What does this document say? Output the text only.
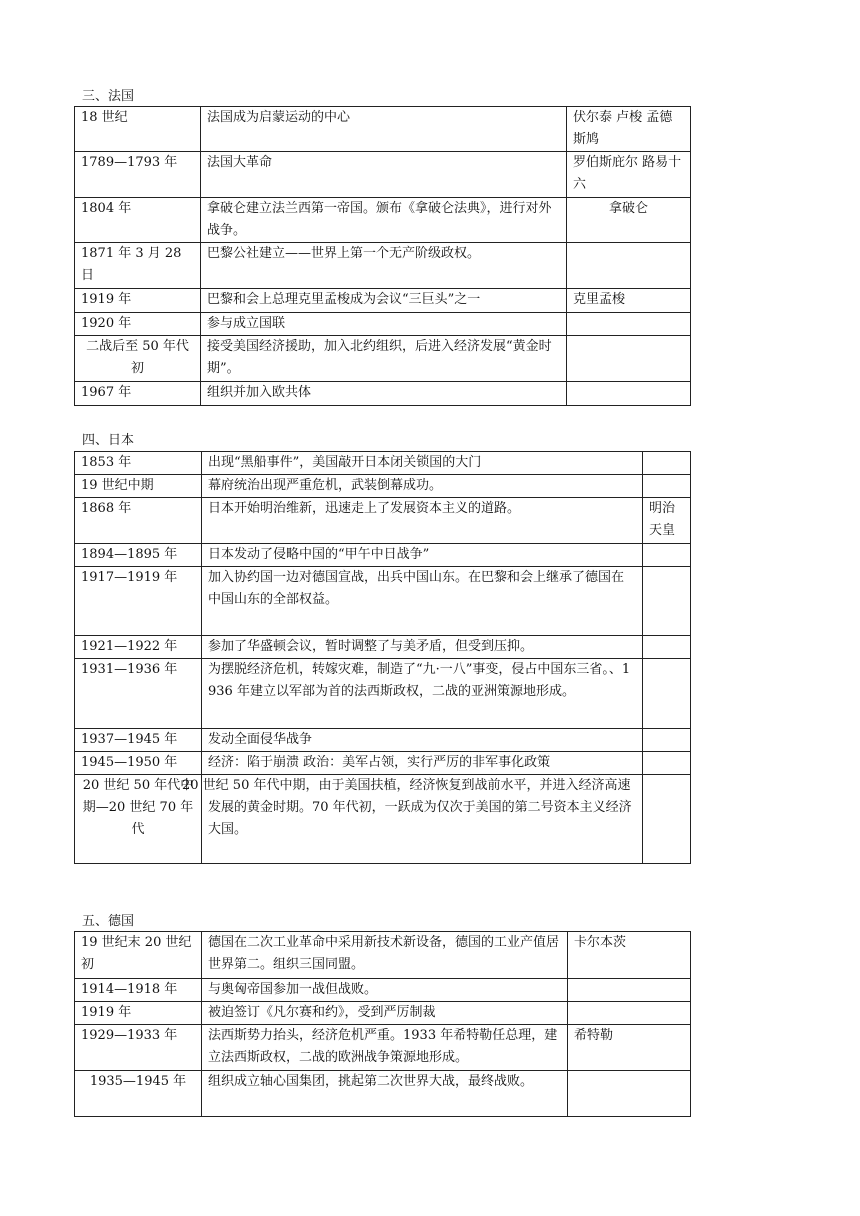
三、法国
18 世纪	法国成为启蒙运动的中心	伏尔泰 卢梭 孟德斯鸠
1789—1793 年	法国大革命	罗伯斯庇尔 路易十六
1804 年	拿破仑建立法兰西第一帝国。颁布《拿破仑法典》，进行对外战争。	拿破仑
1871 年 3 月 28 日	巴黎公社建立——世界上第一个无产阶级政权。	
1919 年	巴黎和会上总理克里孟梭成为会议“三巨头”之一	克里孟梭
1920 年	参与成立国联	
二战后至 50 年代初	接受美国经济援助，加入北约组织，后进入经济发展“黄金时期”。	
1967 年	组织并加入欧共体	
四、日本
1853 年	出现“黑船事件”，美国敲开日本闭关锁国的大门	
19 世纪中期	幕府统治出现严重危机，武装倒幕成功。	
1868 年	日本开始明治维新，迅速走上了发展资本主义的道路。	明治天皇
1894—1895 年	日本发动了侵略中国的“甲午中日战争”	
1917—1919 年	加入协约国一边对德国宣战，出兵中国山东。在巴黎和会上继承了德国在中国山东的全部权益。	
1921—1922 年	参加了华盛顿会议，暂时调整了与美矛盾，但受到压抑。	
1931—1936 年	为摆脱经济危机，转嫁灾难，制造了“九·一八”事变，侵占中国东三省。、1936 年建立以军部为首的法西斯政权，二战的亚洲策源地形成。	
1937—1945 年	发动全面侵华战争	
1945—1950 年	经济：陷于崩溃 政治：美军占领，实行严厉的非军事化政策	
20 世纪 50 年代中期—20 世纪 70 年代	20 世纪 50 年代中期，由于美国扶植，经济恢复到战前水平，并进入经济高速发展的黄金时期。70 年代初，一跃成为仅次于美国的第二号资本主义经济大国。	
五、德国
19 世纪末 20 世纪初	德国在二次工业革命中采用新技术新设备，德国的工业产值居世界第二。组织三国同盟。	卡尔本茨
1914—1918 年	与奥匈帝国参加一战但战败。	
1919 年	被迫签订《凡尔赛和约》，受到严厉制裁	
1929—1933 年	法西斯势力抬头，经济危机严重。1933 年希特勒任总理，建立法西斯政权，二战的欧洲战争策源地形成。	希特勒
1935—1945 年	组织成立轴心国集团，挑起第二次世界大战，最终战败。	
